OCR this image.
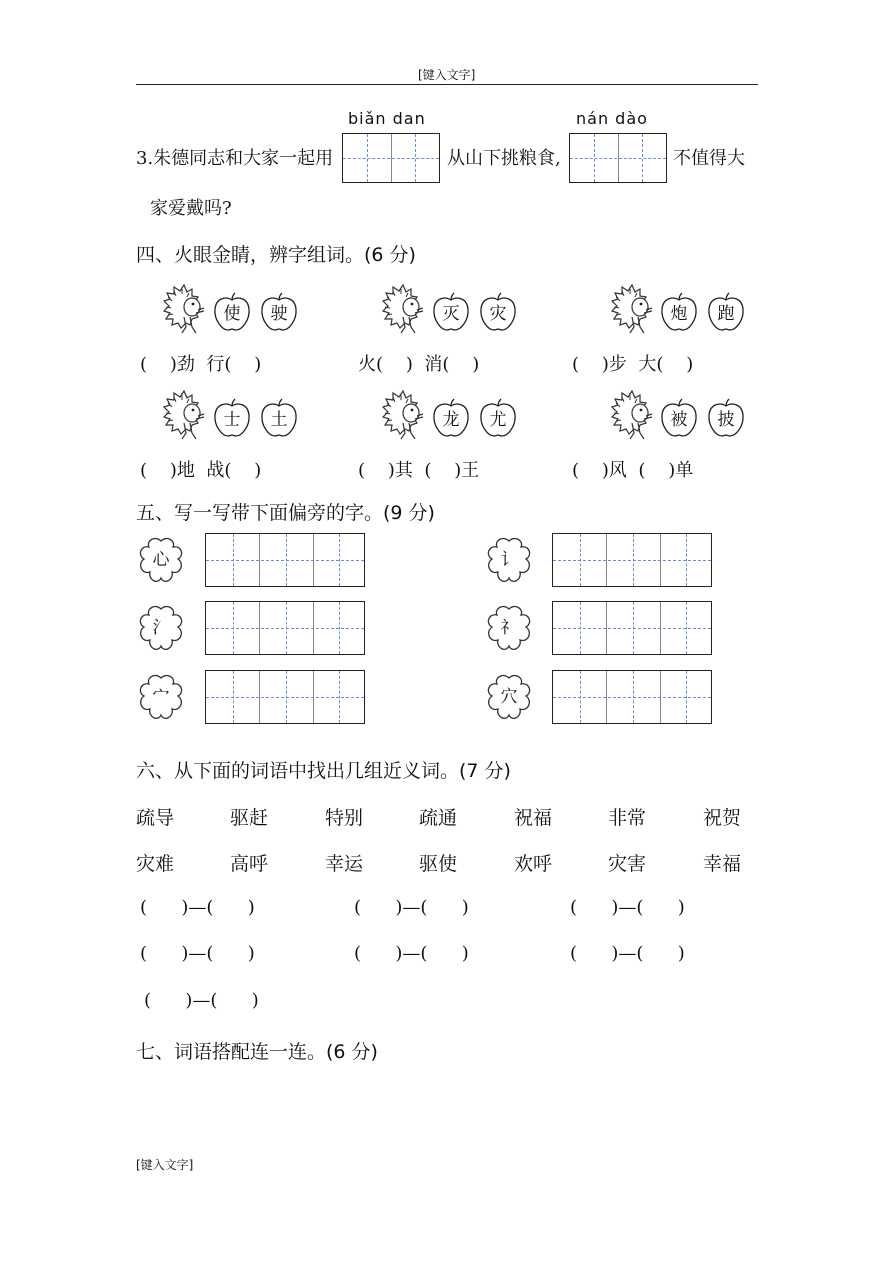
[键入文字]
3.朱德同志和大家一起用
biǎn dan
从山下挑粮食,
nán dào
不值得大
家爱戴吗?
四、火眼金睛，辨字组词。(6 分)
使	驶	灭	灾	炮	跑
(    )劲  行(    )	火(    )  消(    )	(    )步  大(    )
士	土	龙	尤	被	披
(    )地  战(    )	(    )其  (    )王	(    )风  (    )单
五、写一写带下面偏旁的字。(9 分)
心	讠
氵	礻
宀	穴
六、从下面的词语中找出几组近义词。(7 分)
疏导	驱赶	特别	疏通	祝福	非常	祝贺
灾难	高呼	幸运	驱使	欢呼	灾害	幸福
(      )—(      )	(      )—(      )	(      )—(      )
(      )—(      )	(      )—(      )	(      )—(      )
(      )—(      )
七、词语搭配连一连。(6 分)
[键入文字]
